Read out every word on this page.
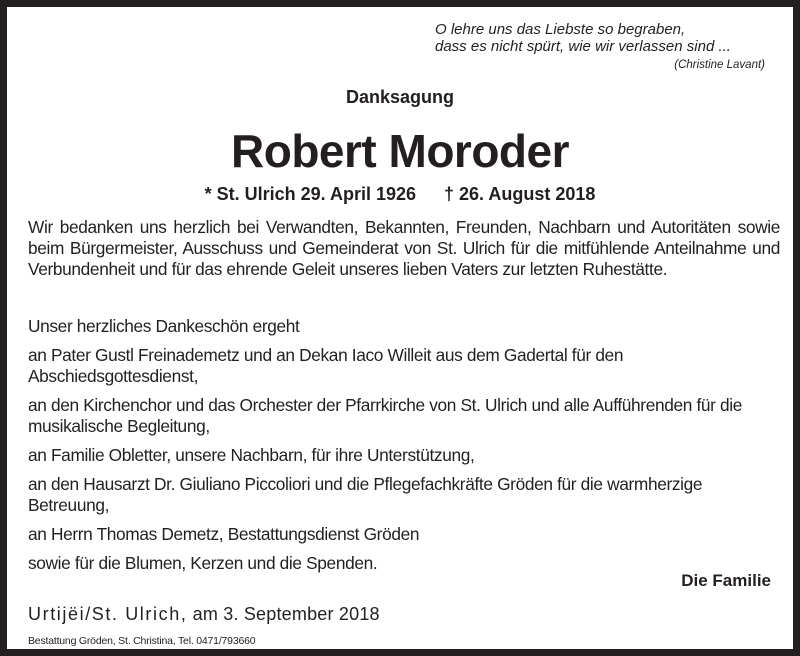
O lehre uns das Liebste so begraben,
dass es nicht spürt, wie wir verlassen sind ...
(Christine Lavant)
Danksagung
Robert Moroder
* St. Ulrich 29. April 1926 † 26. August 2018
Wir bedanken uns herzlich bei Verwandten, Bekannten, Freunden, Nachbarn und Autoritäten sowie beim Bürgermeister, Ausschuss und Gemeinderat von St. Ulrich für die mitfühlende Anteilnahme und Verbundenheit und für das ehrende Geleit unseres lieben Vaters zur letzten Ruhestätte.

Unser herzliches Dankeschön ergeht

an Pater Gustl Freinademetz und an Dekan Iaco Willeit aus dem Gadertal für den Abschiedsgottesdienst,

an den Kirchenchor und das Orchester der Pfarrkirche von St. Ulrich und alle Aufführenden für die musikalische Begleitung,

an Familie Obletter, unsere Nachbarn, für ihre Unterstützung,

an den Hausarzt Dr. Giuliano Piccoliori und die Pflegefachkräfte Gröden für die warmherzige Betreuung,

an Herrn Thomas Demetz, Bestattungsdienst Gröden

sowie für die Blumen, Kerzen und die Spenden.

Die Familie
Urtijëi/St. Ulrich, am 3. September 2018
Bestattung Gröden, St. Christina, Tel. 0471/793660
